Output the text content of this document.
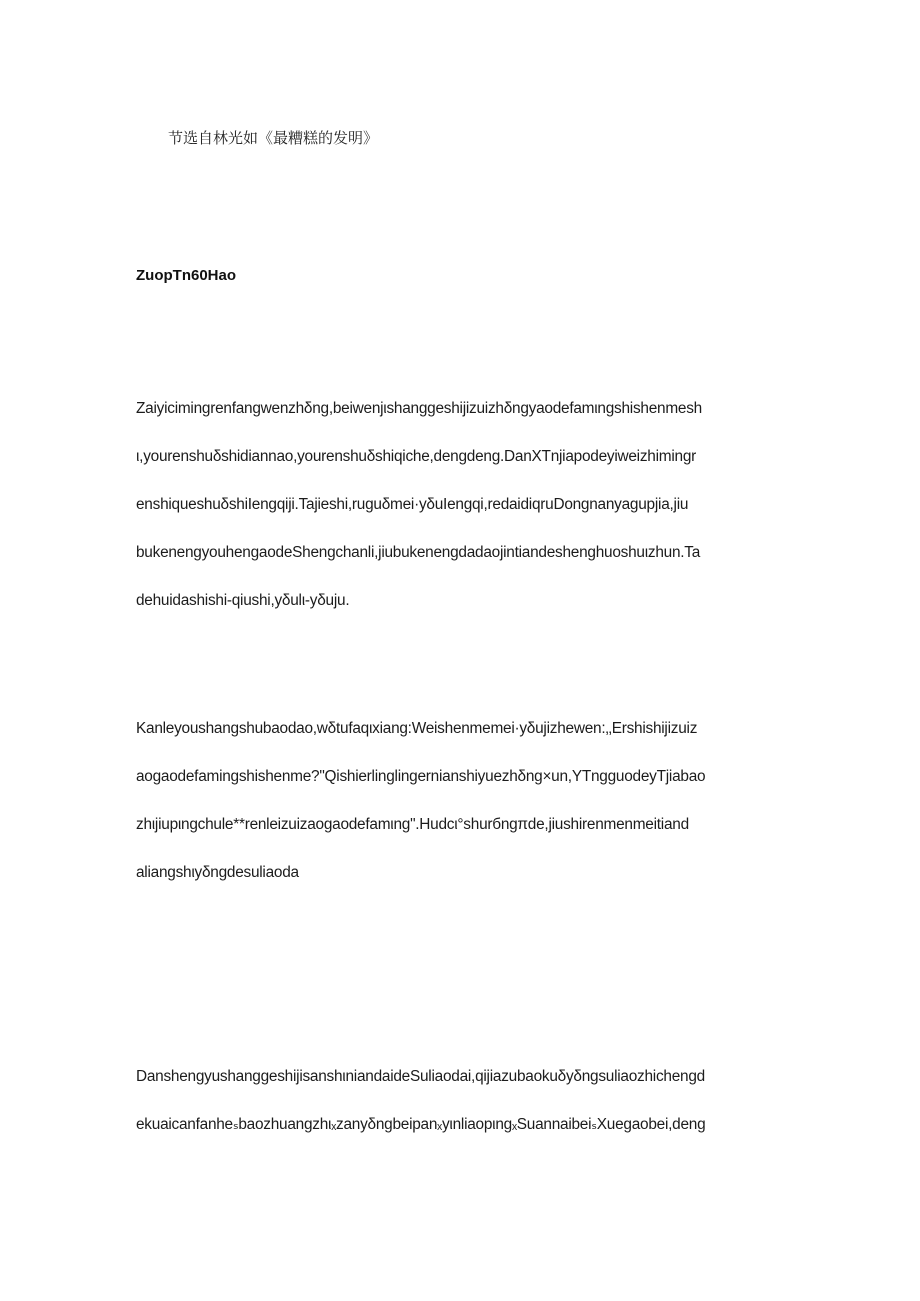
节选自林光如《最糟糕的发明》
ZuopTn60Hao
Zaiyicimingrenfangwenzhδng,beiwenjιshanggeshijizuizhδngyaodefamιngshishenmesh
ι,yourenshuδshidiannao,yourenshuδshiqiche,dengdeng.DanXTnjiapodeyiweizhimingr
enshiqueshuδshiIengqiji.Tajieshi,ruguδmei·yδuIengqi,redaidiqruDongnanyagupjia,jiu
bukenengyouhengaodeShengchanli,jiubukenengdadaojintiandeshenghuoshuιzhun.Ta
dehuidashishi-qiushi,yδulι-yδuju.
Kanleyoushangshubaodao,wδtufaqιxiang:Weishenmemei·yδujizhewen:‚‚Ershishijizuiz
aogaodefamingshishenme?"Qishierlinglingernianshiyuezhδng×un,YTngguodeyTjiabao
zhιjiupιngchule**renleizuizaogaodefamιng".Hudcι°shurбngπde,jiushirenmenmeitiand
aliangshιyδngdesuliaoda
DanshengyushanggeshijisanshιniandaideSuliaodai,qijiazubaokuδyδngsuliaozhichengd
ekuaicanfanheₛbaozhuangzhιₓzanyδngbeipanₓyιnliaopιngₓSuannaibeiₛXuegaobei,deng
